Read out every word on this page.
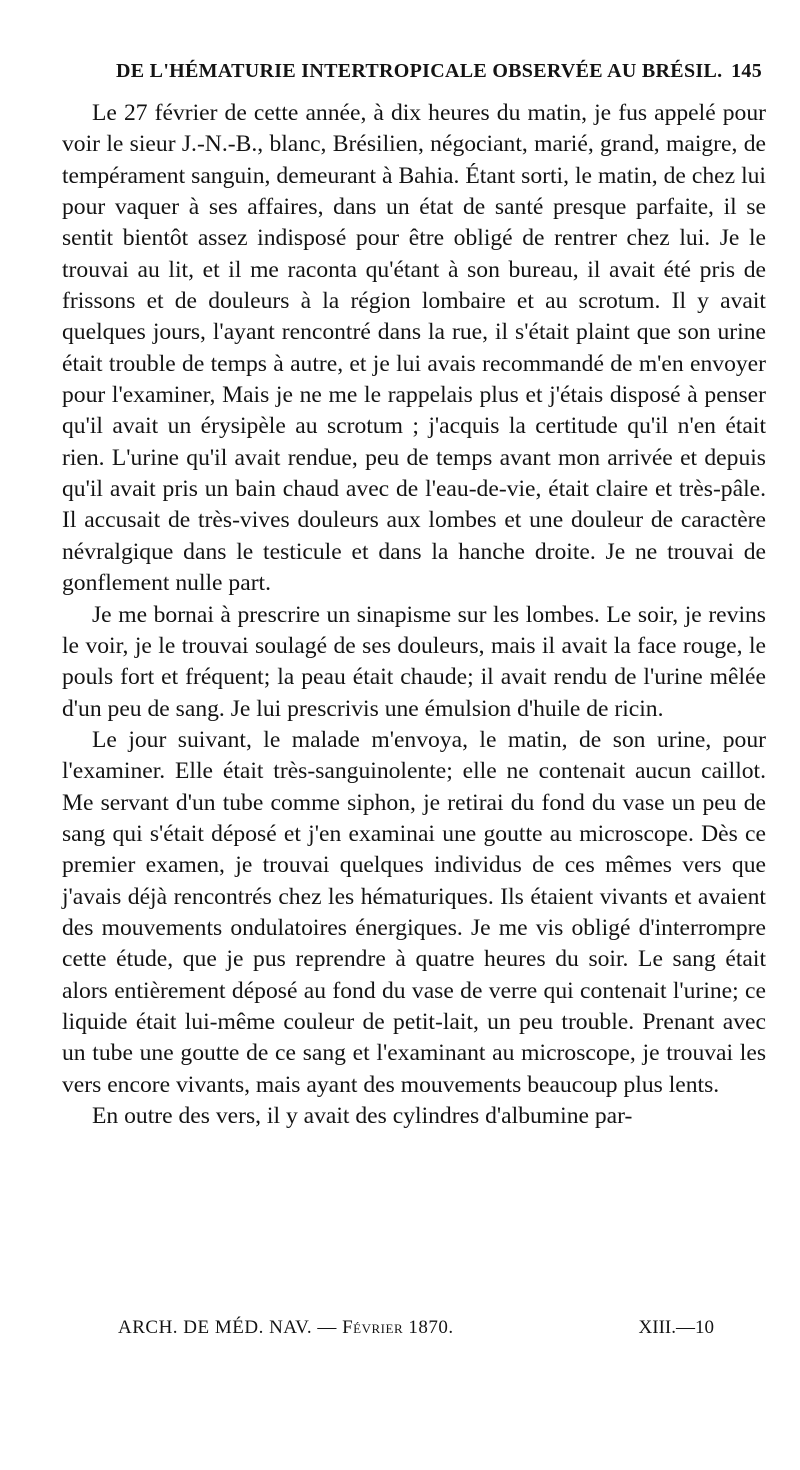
DE L'HÉMATURIE INTERTROPICALE OBSERVÉE AU BRÉSIL. 145

Le 27 février de cette année, à dix heures du matin, je fus appelé pour voir le sieur J.-N.-B., blanc, Brésilien, négociant, marié, grand, maigre, de tempérament sanguin, demeurant à Bahia. Étant sorti, le matin, de chez lui pour vaquer à ses affaires, dans un état de santé presque parfaite, il se sentit bientôt assez indisposé pour être obligé de rentrer chez lui. Je le trouvai au lit, et il me raconta qu'étant à son bureau, il avait été pris de frissons et de douleurs à la région lombaire et au scrotum. Il y avait quelques jours, l'ayant rencontré dans la rue, il s'était plaint que son urine était trouble de temps à autre, et je lui avais recommandé de m'en envoyer pour l'examiner, Mais je ne me le rappelais plus et j'étais disposé à penser qu'il avait un érysipèle au scrotum ; j'acquis la certitude qu'il n'en était rien. L'urine qu'il avait rendue, peu de temps avant mon arrivée et depuis qu'il avait pris un bain chaud avec de l'eau-de-vie, était claire et très-pâle. Il accusait de très-vives douleurs aux lombes et une douleur de caractère névralgique dans le testicule et dans la hanche droite. Je ne trouvai de gonflement nulle part.

Je me bornai à prescrire un sinapisme sur les lombes. Le soir, je revins le voir, je le trouvai soulagé de ses douleurs, mais il avait la face rouge, le pouls fort et fréquent; la peau était chaude; il avait rendu de l'urine mêlée d'un peu de sang. Je lui prescrivis une émulsion d'huile de ricin.

Le jour suivant, le malade m'envoya, le matin, de son urine, pour l'examiner. Elle était très-sanguinolente; elle ne contenait aucun caillot. Me servant d'un tube comme siphon, je retirai du fond du vase un peu de sang qui s'était déposé et j'en examinai une goutte au microscope. Dès ce premier examen, je trouvai quelques individus de ces mêmes vers que j'avais déjà rencontrés chez les hématuriques. Ils étaient vivants et avaient des mouvements ondulatoires énergiques. Je me vis obligé d'interrompre cette étude, que je pus reprendre à quatre heures du soir. Le sang était alors entièrement déposé au fond du vase de verre qui contenait l'urine; ce liquide était lui-même couleur de petit-lait, un peu trouble. Prenant avec un tube une goutte de ce sang et l'examinant au microscope, je trouvai les vers encore vivants, mais ayant des mouvements beaucoup plus lents.

En outre des vers, il y avait des cylindres d'albumine par-

ARCH. DE MÉD. NAV. — Février 1870.	XIII.—10
